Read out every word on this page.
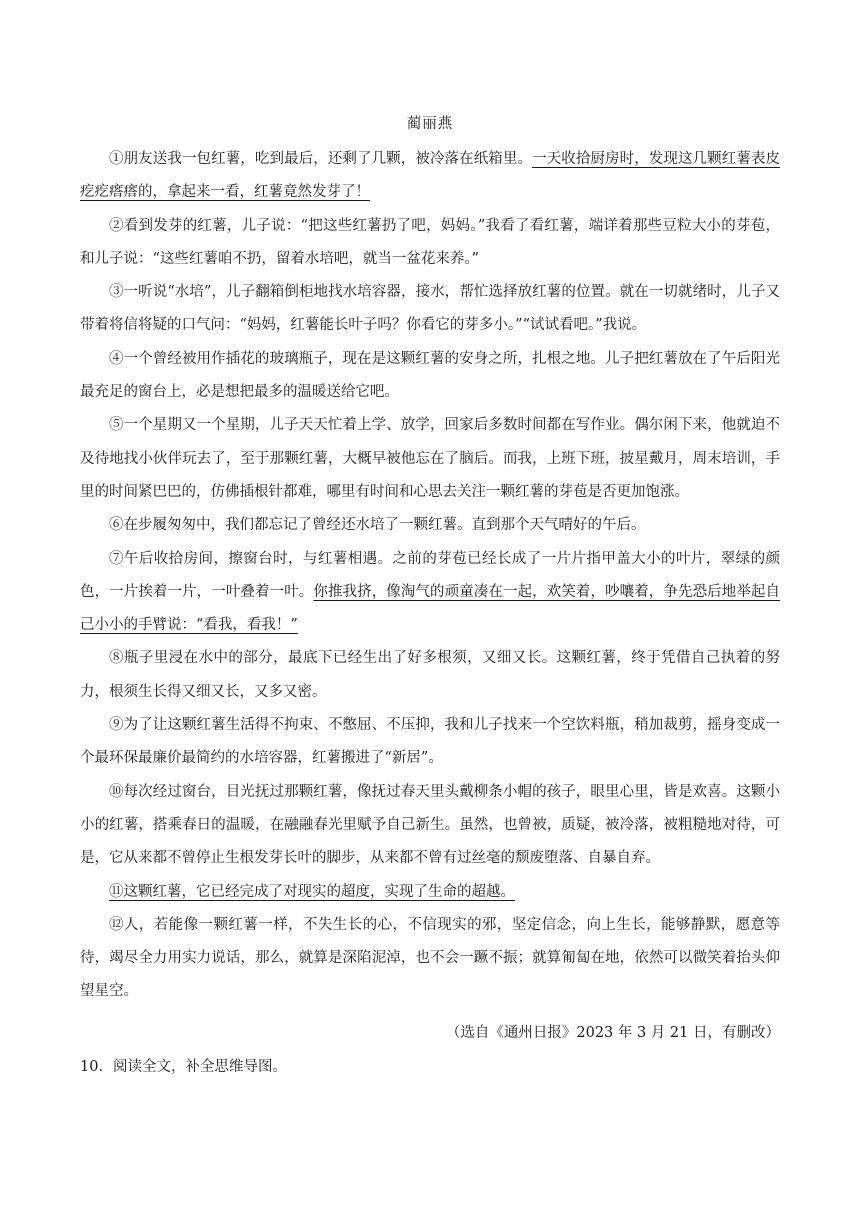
蔺丽燕

①朋友送我一包红薯，吃到最后，还剩了几颗，被冷落在纸箱里。一天收拾厨房时，发现这几颗红薯表皮疙疙瘩瘩的，拿起来一看，红薯竟然发芽了！

②看到发芽的红薯，儿子说：“把这些红薯扔了吧，妈妈。”我看了看红薯，端详着那些豆粒大小的芽苞，和儿子说：“这些红薯咱不扔，留着水培吧，就当一盆花来养。”

③一听说“水培”，儿子翻箱倒柜地找水培容器，接水，帮忙选择放红薯的位置。就在一切就绪时，儿子又带着将信将疑的口气问：“妈妈，红薯能长叶子吗？你看它的芽多小。”“试试看吧。”我说。

④一个曾经被用作插花的玻璃瓶子，现在是这颗红薯的安身之所，扎根之地。儿子把红薯放在了午后阳光最充足的窗台上，必是想把最多的温暖送给它吧。

⑤一个星期又一个星期，儿子天天忙着上学、放学，回家后多数时间都在写作业。偶尔闲下来，他就迫不及待地找小伙伴玩去了，至于那颗红薯，大概早被他忘在了脑后。而我，上班下班，披星戴月，周末培训，手里的时间紧巴巴的，仿佛插根针都难，哪里有时间和心思去关注一颗红薯的芽苞是否更加饱涨。

⑥在步履匆匆中，我们都忘记了曾经还水培了一颗红薯。直到那个天气晴好的午后。

⑦午后收拾房间，擦窗台时，与红薯相遇。之前的芽苞已经长成了一片片指甲盖大小的叶片，翠绿的颜色，一片挨着一片，一叶叠着一叶。你推我挤，像淘气的顽童凑在一起，欢笑着，吵嚷着，争先恐后地举起自己小小的手臂说：“看我，看我！”

⑧瓶子里浸在水中的部分，最底下已经生出了好多根须，又细又长。这颗红薯，终于凭借自己执着的努力，根须生长得又细又长，又多又密。

⑨为了让这颗红薯生活得不拘束、不憋屈、不压抑，我和儿子找来一个空饮料瓶，稍加裁剪，摇身变成一个最环保最廉价最简约的水培容器，红薯搬进了“新居”。

⑩每次经过窗台，目光抚过那颗红薯，像抚过春天里头戴柳条小帽的孩子，眼里心里，皆是欢喜。这颗小小的红薯，搭乘春日的温暖，在融融春光里赋予自己新生。虽然，也曾被，质疑，被冷落，被粗糙地对待，可是，它从来都不曾停止生根发芽长叶的脚步，从来都不曾有过丝毫的颓废堕落、自暴自弃。

⑪这颗红薯，它已经完成了对现实的超度，实现了生命的超越。

⑫人，若能像一颗红薯一样，不失生长的心，不信现实的邪，坚定信念，向上生长，能够静默，愿意等待，竭尽全力用实力说话，那么，就算是深陷泥淖，也不会一蹶不振；就算匍匐在地，依然可以微笑着抬头仰望星空。

（选自《通州日报》2023 年 3 月 21 日，有删改）
10．阅读全文，补全思维导图。
